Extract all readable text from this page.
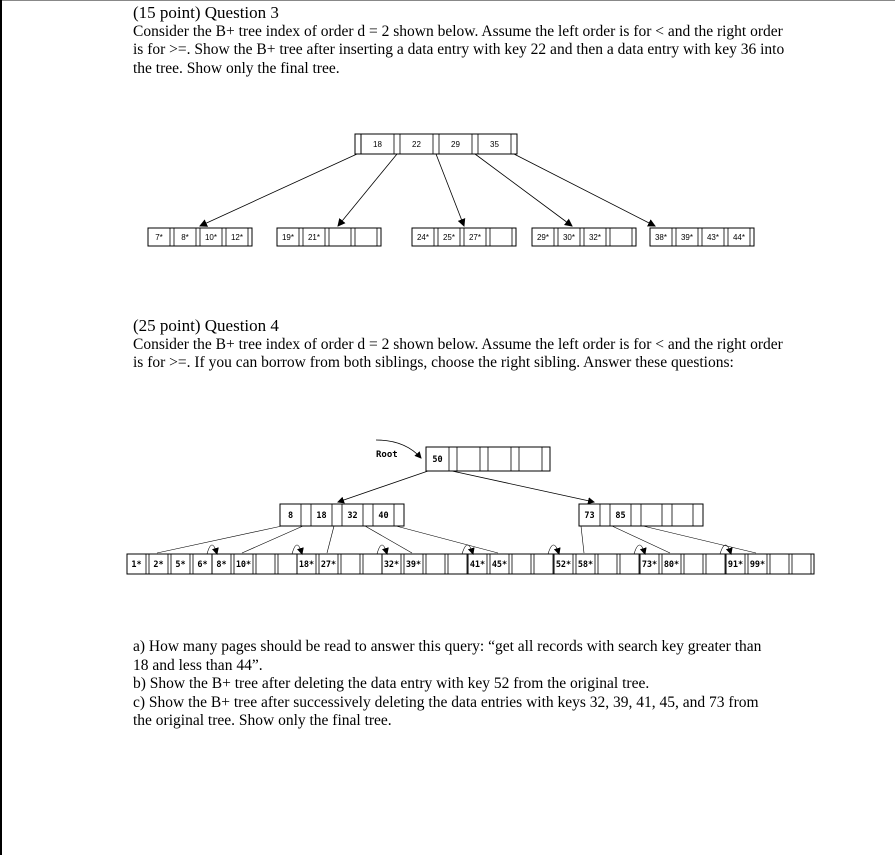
(15 point) Question 3
Consider the B+ tree index of order d = 2 shown below. Assume the left order is for < and the right order is for >=. Show the B+ tree after inserting a data entry with key 22 and then a data entry with key 36 into the tree. Show only the final tree.
18	22	29	35
7* 8* 10* 12*	19* 21*	24* 25* 27*	29* 30* 32*	38* 39* 43* 44*
(25 point) Question 4
Consider the B+ tree index of order d = 2 shown below. Assume the left order is for < and the right order is for >=. If you can borrow from both siblings, choose the right sibling. Answer these questions:
Root	50
8	18 32 40	73 85
1* 2* 5* 6* 8* 10*	18* 27*	32* 39*	41* 45*	52* 58*	73* 80*	91* 99*
a) How many pages should be read to answer this query: “get all records with search key greater than 18 and less than 44”.
b) Show the B+ tree after deleting the data entry with key 52 from the original tree.
c) Show the B+ tree after successively deleting the data entries with keys 32, 39, 41, 45, and 73 from the original tree. Show only the final tree.
